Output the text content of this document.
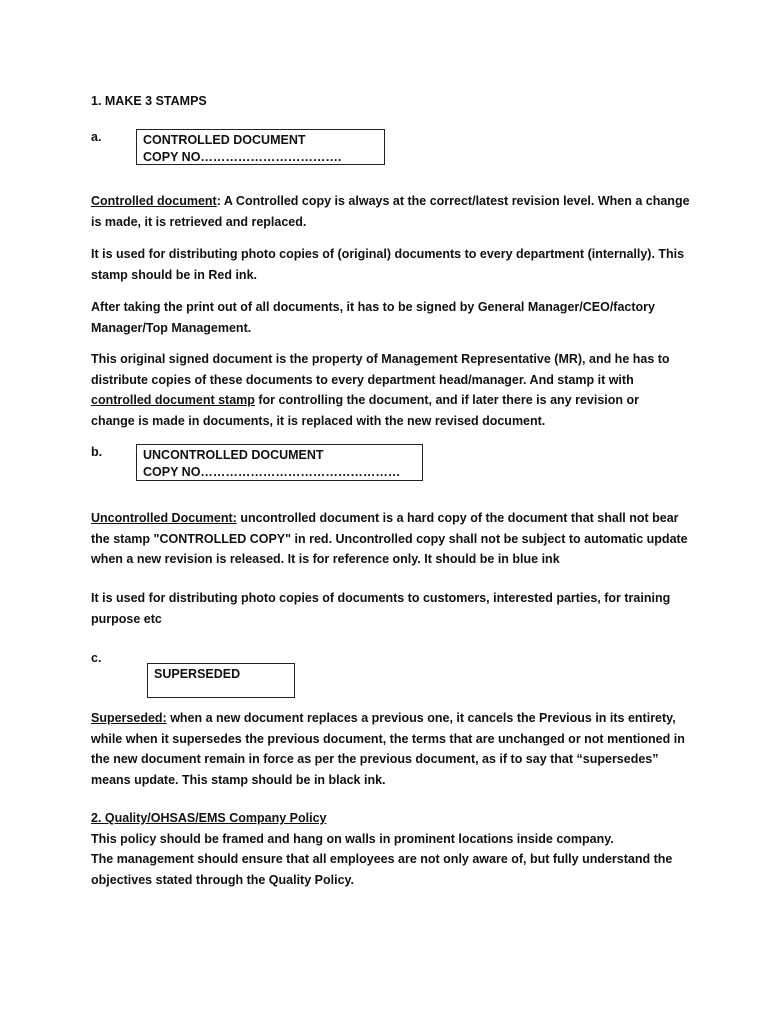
1. MAKE 3 STAMPS
a.	CONTROLLED DOCUMENT
COPY NO…………………………….

Controlled document: A Controlled copy is always at the correct/latest revision level. When a change is made, it is retrieved and replaced.

It is used for distributing photo copies of (original) documents to every department (internally). This stamp should be in Red ink.

After taking the print out of all documents, it has to be signed by General Manager/CEO/factory Manager/Top Management.

This original signed document is the property of Management Representative (MR), and he has to distribute copies of these documents to every department head/manager. And stamp it with controlled document stamp for controlling the document, and if later there is any revision or change is made in documents, it is replaced with the new revised document.

b.	UNCONTROLLED DOCUMENT
COPY NO…………………………………………

Uncontrolled Document: uncontrolled document is a hard copy of the document that shall not bear the stamp "CONTROLLED COPY" in red. Uncontrolled copy shall not be subject to automatic update when a new revision is released. It is for reference only. It should be in blue ink

It is used for distributing photo copies of documents to customers, interested parties, for training purpose etc

c.
SUPERSEDED

Superseded: when a new document replaces a previous one, it cancels the Previous in its entirety, while when it supersedes the previous document, the terms that are unchanged or not mentioned in the new document remain in force as per the previous document, as if to say that “supersedes” means update. This stamp should be in black ink.

2. Quality/OHSAS/EMS Company Policy
This policy should be framed and hang on walls in prominent locations inside company.
The management should ensure that all employees are not only aware of, but fully understand the objectives stated through the Quality Policy.
